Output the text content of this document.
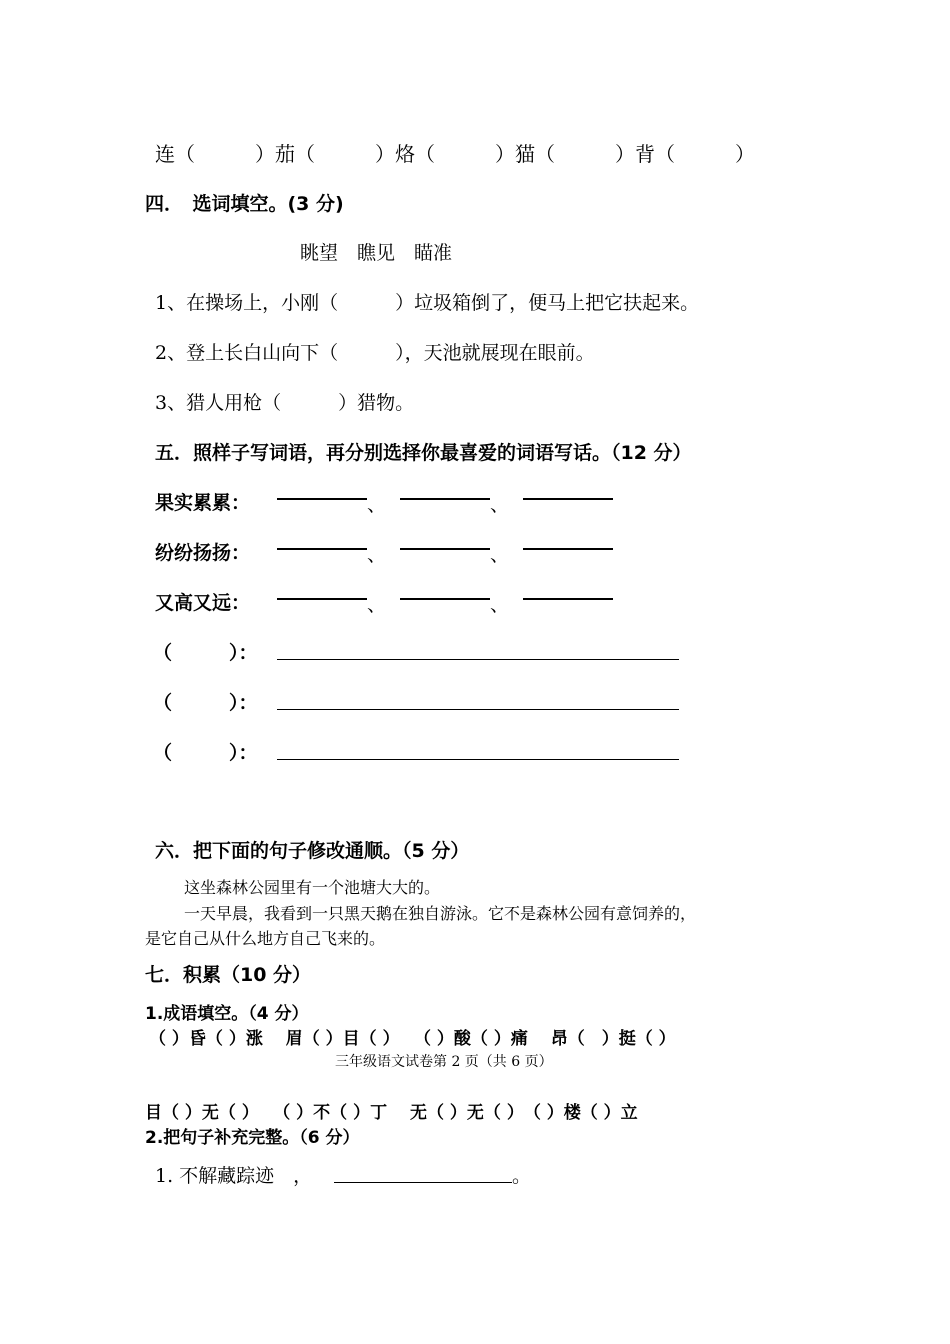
连（　　　）茄（　　　）烙（　　　）猫（　　　）背（　　　）
四．　选词填空。(3 分)
眺望　瞧见　瞄准
1、在操场上，小刚（　　　）垃圾箱倒了，便马上把它扶起来。
2、登上长白山向下（　　　），天池就展现在眼前。
3、猎人用枪（　　　）猎物。
五．照样子写词语，再分别选择你最喜爱的词语写话。（12 分）
果实累累：	、	、
纷纷扬扬：	、	、
又高又远：	、	、
（　　　）：
（　　　）：
（　　　）：
六．把下面的句子修改通顺。（5 分）
这坐森林公园里有一个池塘大大的。
一天早晨，我看到一只黑天鹅在独自游泳。它不是森林公园有意饲养的，
是它自己从什么地方自己飞来的。
七．积累（10 分）
1.成语填空。（4 分）
（ ）昏（ ）涨　 眉（ ）目（ ）　 （ ）酸（ ）痛　 昂（　）挺（ ）
三年级语文试卷第 2 页（共 6 页）
目（ ）无（ ）　 （ ）不（ ）丁　 无（ ）无（ ）　（ ）楼（ ）立
2.把句子补充完整。（6 分）
1. 不解藏踪迹　，	。
